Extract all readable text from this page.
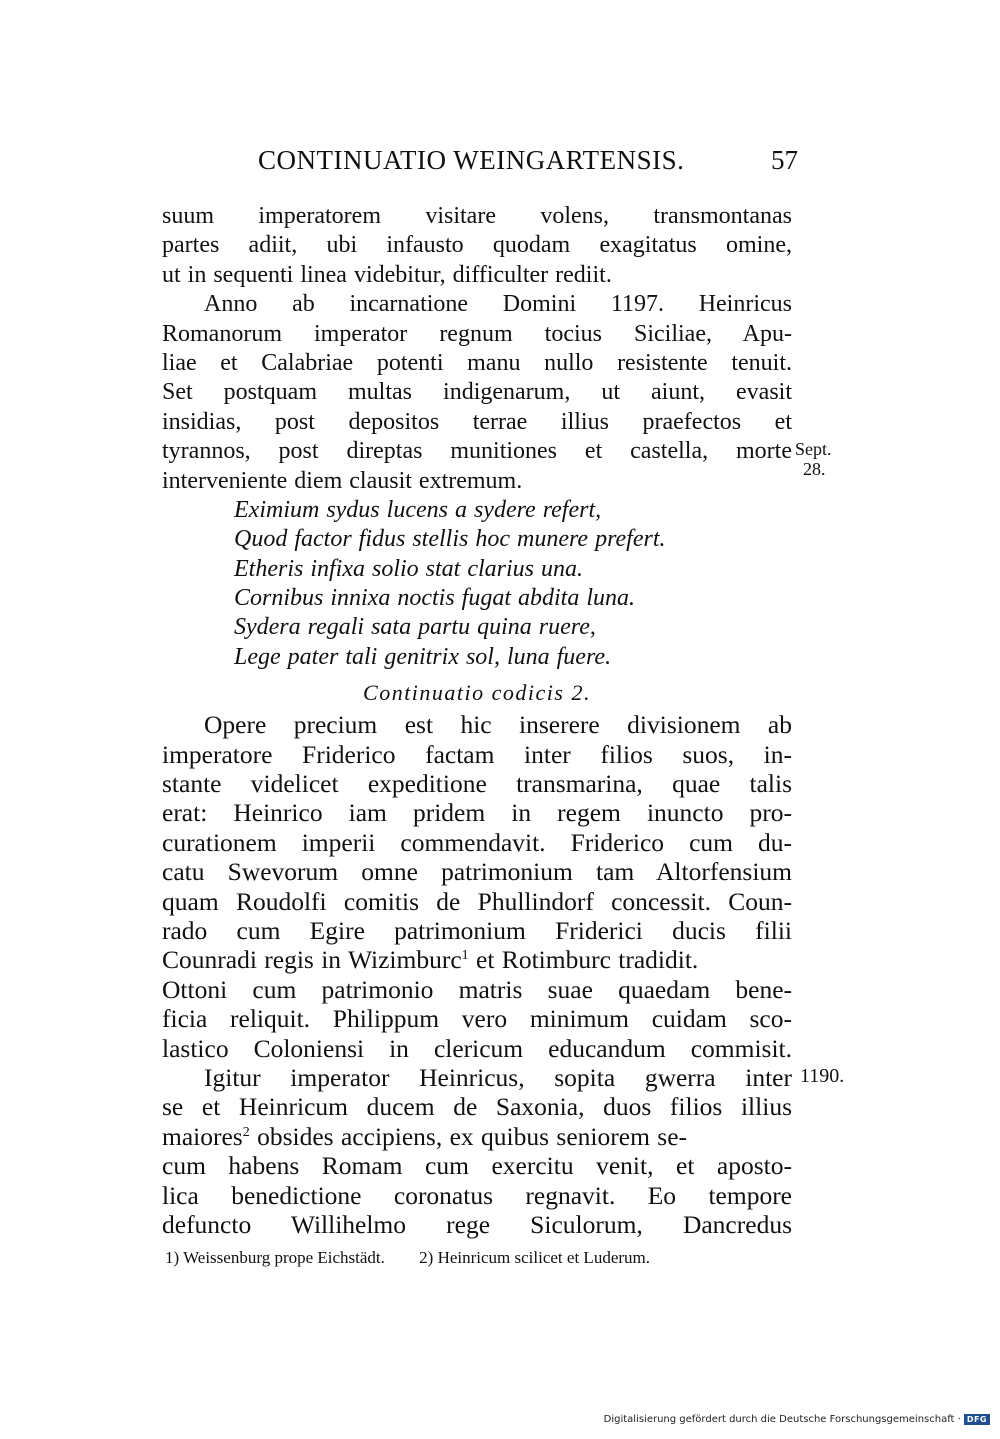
CONTINUATIO WEINGARTENSIS.	57
suum imperatorem visitare volens, transmontanas
partes adiit, ubi infausto quodam exagitatus omine,
ut in sequenti linea videbitur, difficulter rediit.
Anno ab incarnatione Domini 1197. Heinricus
Romanorum imperator regnum tocius Siciliae, Apu-
liae et Calabriae potenti manu nullo resistente tenuit.
Set postquam multas indigenarum, ut aiunt, evasit
insidias, post depositos terrae illius praefectos et
tyrannos, post direptas munitiones et castella, morte
interveniente diem clausit extremum.
Eximium sydus lucens a sydere refert,
Quod factor fidus stellis hoc munere prefert.
Etheris infixa solio stat clarius una.
Cornibus innixa noctis fugat abdita luna.
Sydera regali sata partu quina ruere,
Lege pater tali genitrix sol, luna fuere.
Continuatio codicis 2.
Opere precium est hic inserere divisionem ab
imperatore Friderico factam inter filios suos, in-
stante videlicet expeditione transmarina, quae talis
erat: Heinrico iam pridem in regem inuncto pro-
curationem imperii commendavit. Friderico cum du-
catu Swevorum omne patrimonium tam Altorfensium
quam Roudolfi comitis de Phullindorf concessit. Coun-
rado cum Egire patrimonium Friderici ducis filii
Counradi regis in Wizimburc$^1$ et Rotimburc tradidit.
Ottoni cum patrimonio matris suae quaedam bene-
ficia reliquit. Philippum vero minimum cuidam sco-
lastico Coloniensi in clericum educandum commisit.
Igitur imperator Heinricus, sopita gwerra inter
se et Heinricum ducem de Saxonia, duos filios illius
maiores$^2$ obsides accipiens, ex quibus seniorem se-
cum habens Romam cum exercitu venit, et aposto-
lica benedictione coronatus regnavit. Eo tempore
defuncto Willihelmo rege Siculorum, Dancredus
Sept.
28.
1190.
1) Weissenburg prope Eichstädt. 2) Heinricum scilicet et Luderum.
Digitalisierung gefördert durch die Deutsche Forschungsgemeinschaft · DFG
